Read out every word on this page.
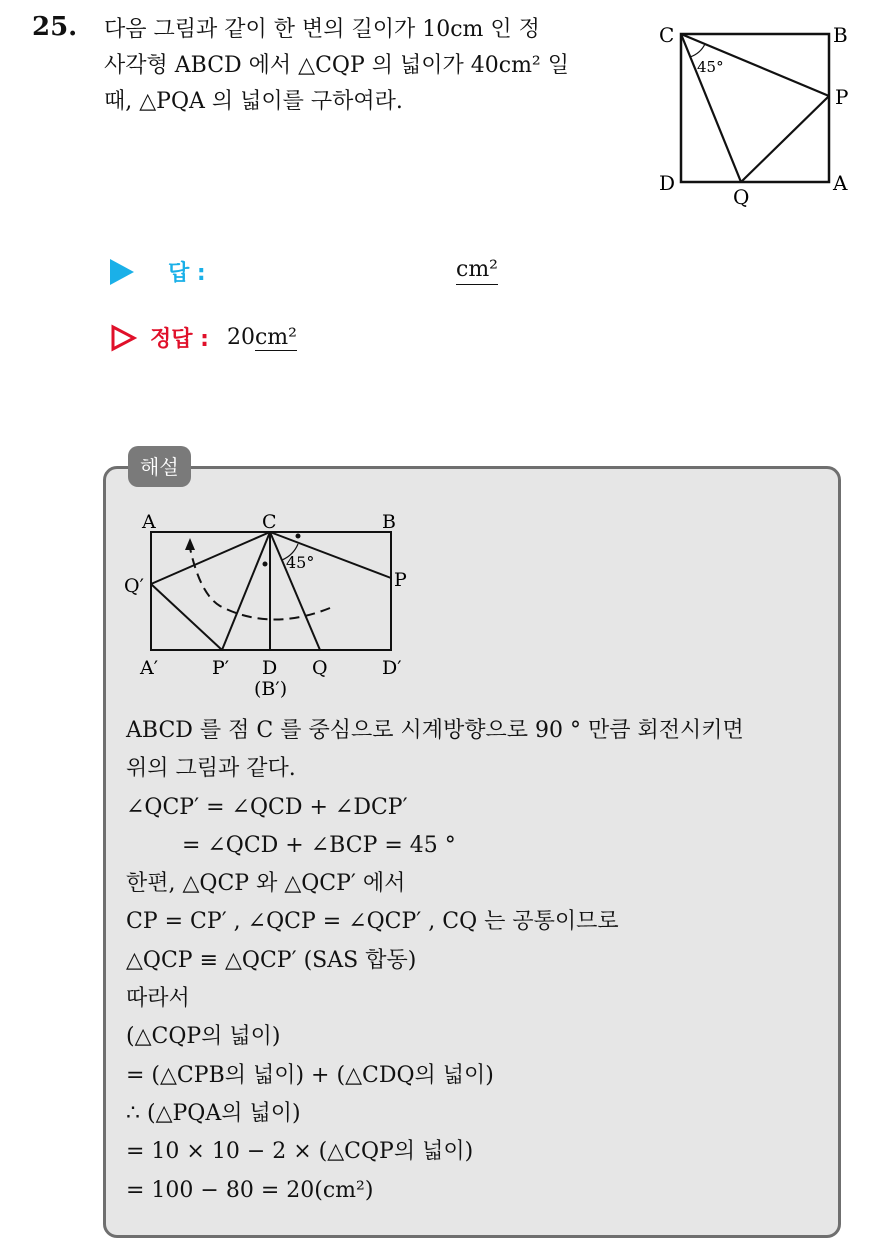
25. 다음 그림과 같이 한 변의 길이가 10cm 인 정
사각형 ABCD 에서 △CQP 의 넓이가 40cm² 일
때, △PQA 의 넓이를 구하여라.
C	B
P
D
Q
A
45°
답 :	cm²
정답 : 20 cm²
해설
A	C	B
Q′	P
45°
A′	P′ D Q	D′
(B′)
ABCD 를 점 C 를 중심으로 시계방향으로 90 ° 만큼 회전시키면
위의 그림과 같다.
∠QCP′ = ∠QCD + ∠DCP′
= ∠QCD + ∠BCP = 45 °
한편, △QCP 와 △QCP′ 에서
CP = CP′ , ∠QCP = ∠QCP′ , CQ 는 공통이므로
△QCP ≡ △QCP′ (SAS 합동)
따라서
(△CQP의 넓이)
= (△CPB의 넓이) + (△CDQ의 넓이)
∴ (△PQA의 넓이)
= 10 × 10 − 2 × (△CQP의 넓이)
= 100 − 80 = 20(cm²)
